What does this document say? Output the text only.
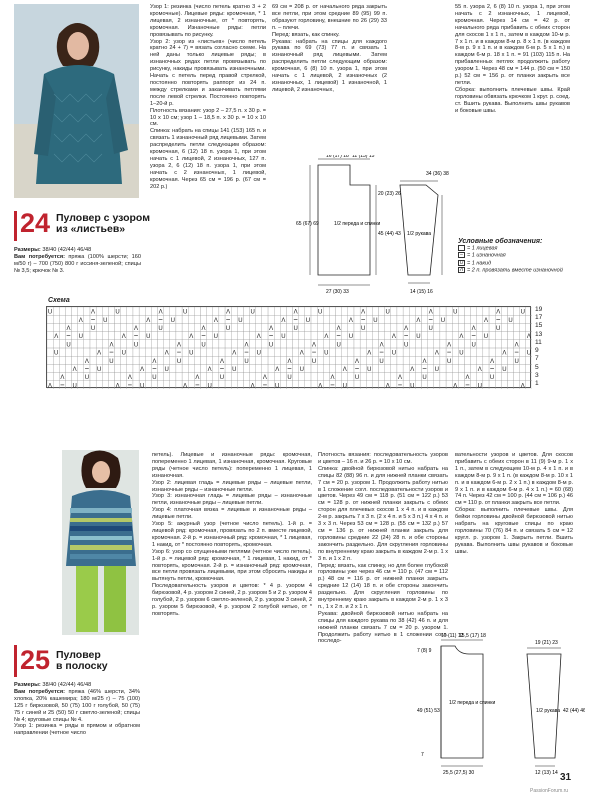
24 Пуловер с узором
из «листьев»
Размеры: 38/40 (42/44) 46/48
Вам потребуется: пряжа (100% шерсти; 160 м/50 г) – 700 (750) 800 г иссиня-зеленой; спицы № 3,5; крючок № 3.
Узор 1: резинка (число петель кратно 3 + 2 кромочные). Лицевые ряды: кромочная, * 1 лицевая, 2 изнаночные, от * повторять, кромочная. Изнаночные ряды: петли провязывать по рисунку.
Узор 2: узор из «листьев» (число петель кратно 24 + 7) = вязать согласно схеме. На ней даны только лицевые ряды; в изнаночных рядах петли провязывать по рисунку, накиды провязывать изнаночными. Начать с петель перед правой стрелкой, постоянно повторять раппорт из 24 п. между стрелками и заканчивать петлями после левой стрелки. Постоянно повторять 1–20-й р.
Плотность вязания: узор 2 – 27,5 п. x 30 р. = 10 x 10 см; узор 1 – 18,5 п. x 30 р. = 10 x 10 см.
Спинка: набрать на спицы 141 (153) 165 п. и связать 1 изнаночный ряд лицевыми. Затем распределить петли следующим образом: кромочная, 6 (12) 18 п. узора 1, при этом начать с 1 лицевой, 2 изнаночных, 127 п. узора 2, 6 (12) 18 п. узора 1, при этом начать с 2 изнаночных, 1 лицевой, кромочная. Через 65 см = 196 р. (67 см = 202 р.)
69 см = 208 р. от начального ряда закрыть все петли, при этом средние 89 (95) 99 п. образуют горловину, внешние по 26 (29) 33 п. – плечи.
Перед: вязать, как спинку.
Рукава: набрать на спицы для каждого рукава по 69 (73) 77 п. и связать 1 изнаночный ряд лицевыми. Затем распределить петли следующим образом: кромочная, 6 (8) 10 п. узора 1, при этом начать с 1 лицевой, 2 изнаночных (2 изнаночных, 1 лицевой) 1 изнаночной, 1 лицевой, 2 изнаночных,
55 п. узора 2, 6 (8) 10 п. узора 1, при этом начать с 2 изнаночных, 1 лицевой, кромочная. Через 14 см = 42 р. от начального ряда прибавить с обеих сторон для скосов 1 x 1 п., затем в каждом 10-м р. 7 x 1 п. и в каждом 8-м р. 8 x 1 п. (в каждом 8-м р. 9 x 1 п. и в каждом 6-м р. 5 x 1 п.) в каждом 6-м р. 18 x 1 п. = 91 (103) 115 п. На прибавленных петлях продолжить работу узором 1. Через 48 см = 144 р. (50 см = 150 р.) 52 см = 156 р. от планки закрыть все петли.
Сборка: выполнить плечевые швы. Край горловины обвязать крючком 1 круг. р. соед. ст. Вшить рукава. Выполнить швы рукавов и боковые швы.
16 (17) 18 11 (13) 15
65 (67) 69
20 (23) 26
45 (44) 43
27 (30) 33
1/2 переда и спинки
1/2 рукава
34 (36) 38
14 (15) 16
Условные обозначения:
= 1 лицевая
– = 1 изнаночная
U = 1 накид
Λ = 2 п. провязать вместе изнаночной
Схема
U	Λ	U	Λ	U	Λ	U	Λ	U	Λ	U	Λ	U	Λ	U
Λ	U	Λ	U	Λ	U	Λ	U	Λ	U	Λ	U	Λ	U
Λ	U	Λ	U	Λ	U	Λ	U	Λ	U	Λ	U	Λ	U
Λ	U	Λ	U	Λ	U	Λ	U	Λ	U	Λ	U	Λ	U	Λ
U	Λ	U	Λ	U	Λ	U	Λ	U	Λ	U	Λ	U	Λ
U	Λ	U	Λ	U	Λ	U	Λ	U	Λ	U	Λ	U	Λ	U
Λ	U	Λ	U	Λ	U	Λ	U	Λ	U	Λ	U	Λ	U
Λ	U	Λ	U	Λ	U	Λ	U	Λ	U	Λ	U	Λ	U
Λ	U	Λ	U	Λ	U	Λ	U	Λ	U	Λ	U	Λ	U
Λ	U	Λ	U	Λ	U	Λ	U	Λ	U	Λ	U	Λ	U	Λ
19
17
15
13
11
9
7
5
3
1
25 Пуловер
в полоску
Размеры: 38/40 (42/44) 46/48
Вам потребуется: пряжа (46% шерсти, 34% хлопка, 20% кашемира; 180 м/25 г) – 75 (100) 125 г бирюзовой, 50 (75) 100 г голубой, 50 (75) 75 г синей и 25 (50) 50 г светло-зеленой; спицы № 4; круговые спицы № 4.
Узор 1: резинка = ряды в прямом и обратном направлении (четное число
петель). Лицевые и изнаночные ряды: кромочная, попеременно 1 лицевая, 1 изнаночная, кромочная. Круговые ряды (четное число петель): попеременно 1 лицевая, 1 изнаночная.
Узор 2: лицевая гладь = лицевые ряды – лицевые петли, изнаночные ряды – изнаночные петли.
Узор 3: изнаночная гладь = лицевые ряды – изнаночные петли, изнаночные ряды – лицевые петли.
Узор 4: платочная вязка = лицевые и изнаночные ряды – лицевые петли.
Узор 5: ажурный узор (четное число петель). 1-й р. = лицевой ряд: кромочная, провязать по 2 п. вместе лицевой, кромочная. 2-й р. = изнаночный ряд: кромочная, * 1 лицевая, 1 накид, от * постоянно повторять, кромочная.
Узор 6: узор со спущенными петлями (четное число петель). 1-й р. = лицевой ряд: кромочная, * 1 лицевая, 1 накид, от * повторять, кромочная. 2-й р. = изнаночный ряд: кромочная, все петли провязать лицевыми, при этом сбросить накиды и вытянуть петли, кромочная.
Последовательность узоров и цветов: * 4 р. узором 4 бирюзовой, 4 р. узором 2 синей, 2 р. узором 5 и 2 р. узором 4 голубой, 2 р. узором 6 светло-зеленой, 2 р. узором 3 синей, 2 р. узором 5 бирюзовой, 4 р. узором 2 голубой нитью, от * повторять.
Плотность вязания: последовательность узоров и цветов – 16 п. и 26 р. = 10 x 10 см.
Спинка: двойной бирюзовой нитью набрать на спицы 82 (88) 96 п. и для нижней планки связать 7 см = 20 р. узором 1. Продолжить работу нитью в 1 сложение согл. последовательности узоров и цветов. Через 49 см = 118 р. (51 см = 122 р.) 53 см = 128 р. от нижней планки закрыть с обеих сторон для плечевых скосов 1 x 4 п. и в каждом 2-м р. закрыть 7 x 3 п. (2 x 4 п. и 5 x 3 п.) 4 x 4 п. и 3 x 3 п. Через 53 см = 128 р. (55 см = 132 р.) 57 см = 136 р. от нижней планки закрыть для горловины средние 22 (24) 28 п. и обе стороны закончить раздельно. Для скругления горловины по внутреннему краю закрыть в каждом 2-м р. 1 x 3 п. и 1 x 2 п.
Перед: вязать, как спинку, но для более глубокой горловины уже через 46 см = 110 р. (47 см = 112 р.) 48 см = 116 р. от нижней планки закрыть средние 12 (14) 18 п. и обе стороны закончить раздельно. Для скругления горловины по внутреннему краю закрыть в каждом 2-м р. 1 x 3 п., 1 x 2 п. и 2 x 1 п.
Рукава: двойной бирюзовой нитью набрать на спицы для каждого рукава по 38 (42) 46 п. и для нижней планки связать 7 см = 20 р. узором 1. Продолжить работу нитью в 1 сложении согл. последо-
вательности узоров и цветов. Для скосов прибавить с обеих сторон в 11 (9) 9-м р. 1 x 1 п., затем в следующем 10-м р. 4 x 1 п. и в каждом 8-м р. 9 x 1 п. (в каждом 8-м р. 10 x 1 п. и в каждом 6-м р. 2 x 1 п.) в каждом 8-м р. 9 x 1 п. и в каждом 6-м р. 4 x 1 п.) = 60 (68) 74 п. Через 42 см = 100 р. (44 см = 106 р.) 46 см = 110 р. от планки закрыть все петли.
Сборка: выполнить плечевые швы. Для бейки горловины двойной бирюзовой нитью набрать на круговые спицы по краю горловины 70 (76) 84 п. и связать 5 см = 12 кругл. р. узором 1. Закрыть петли. Вшить рукава. Выполнить швы рукавов и боковые швы.
10 (11) 12
15,5 (17) 18
7 (8) 9
49 (51) 53
7
1/2 переда и спинки
25,5 (27,5) 30
19 (21) 23
42 (44) 46
1/2 рукава
12 (13) 14 31
PassionForum.ru
